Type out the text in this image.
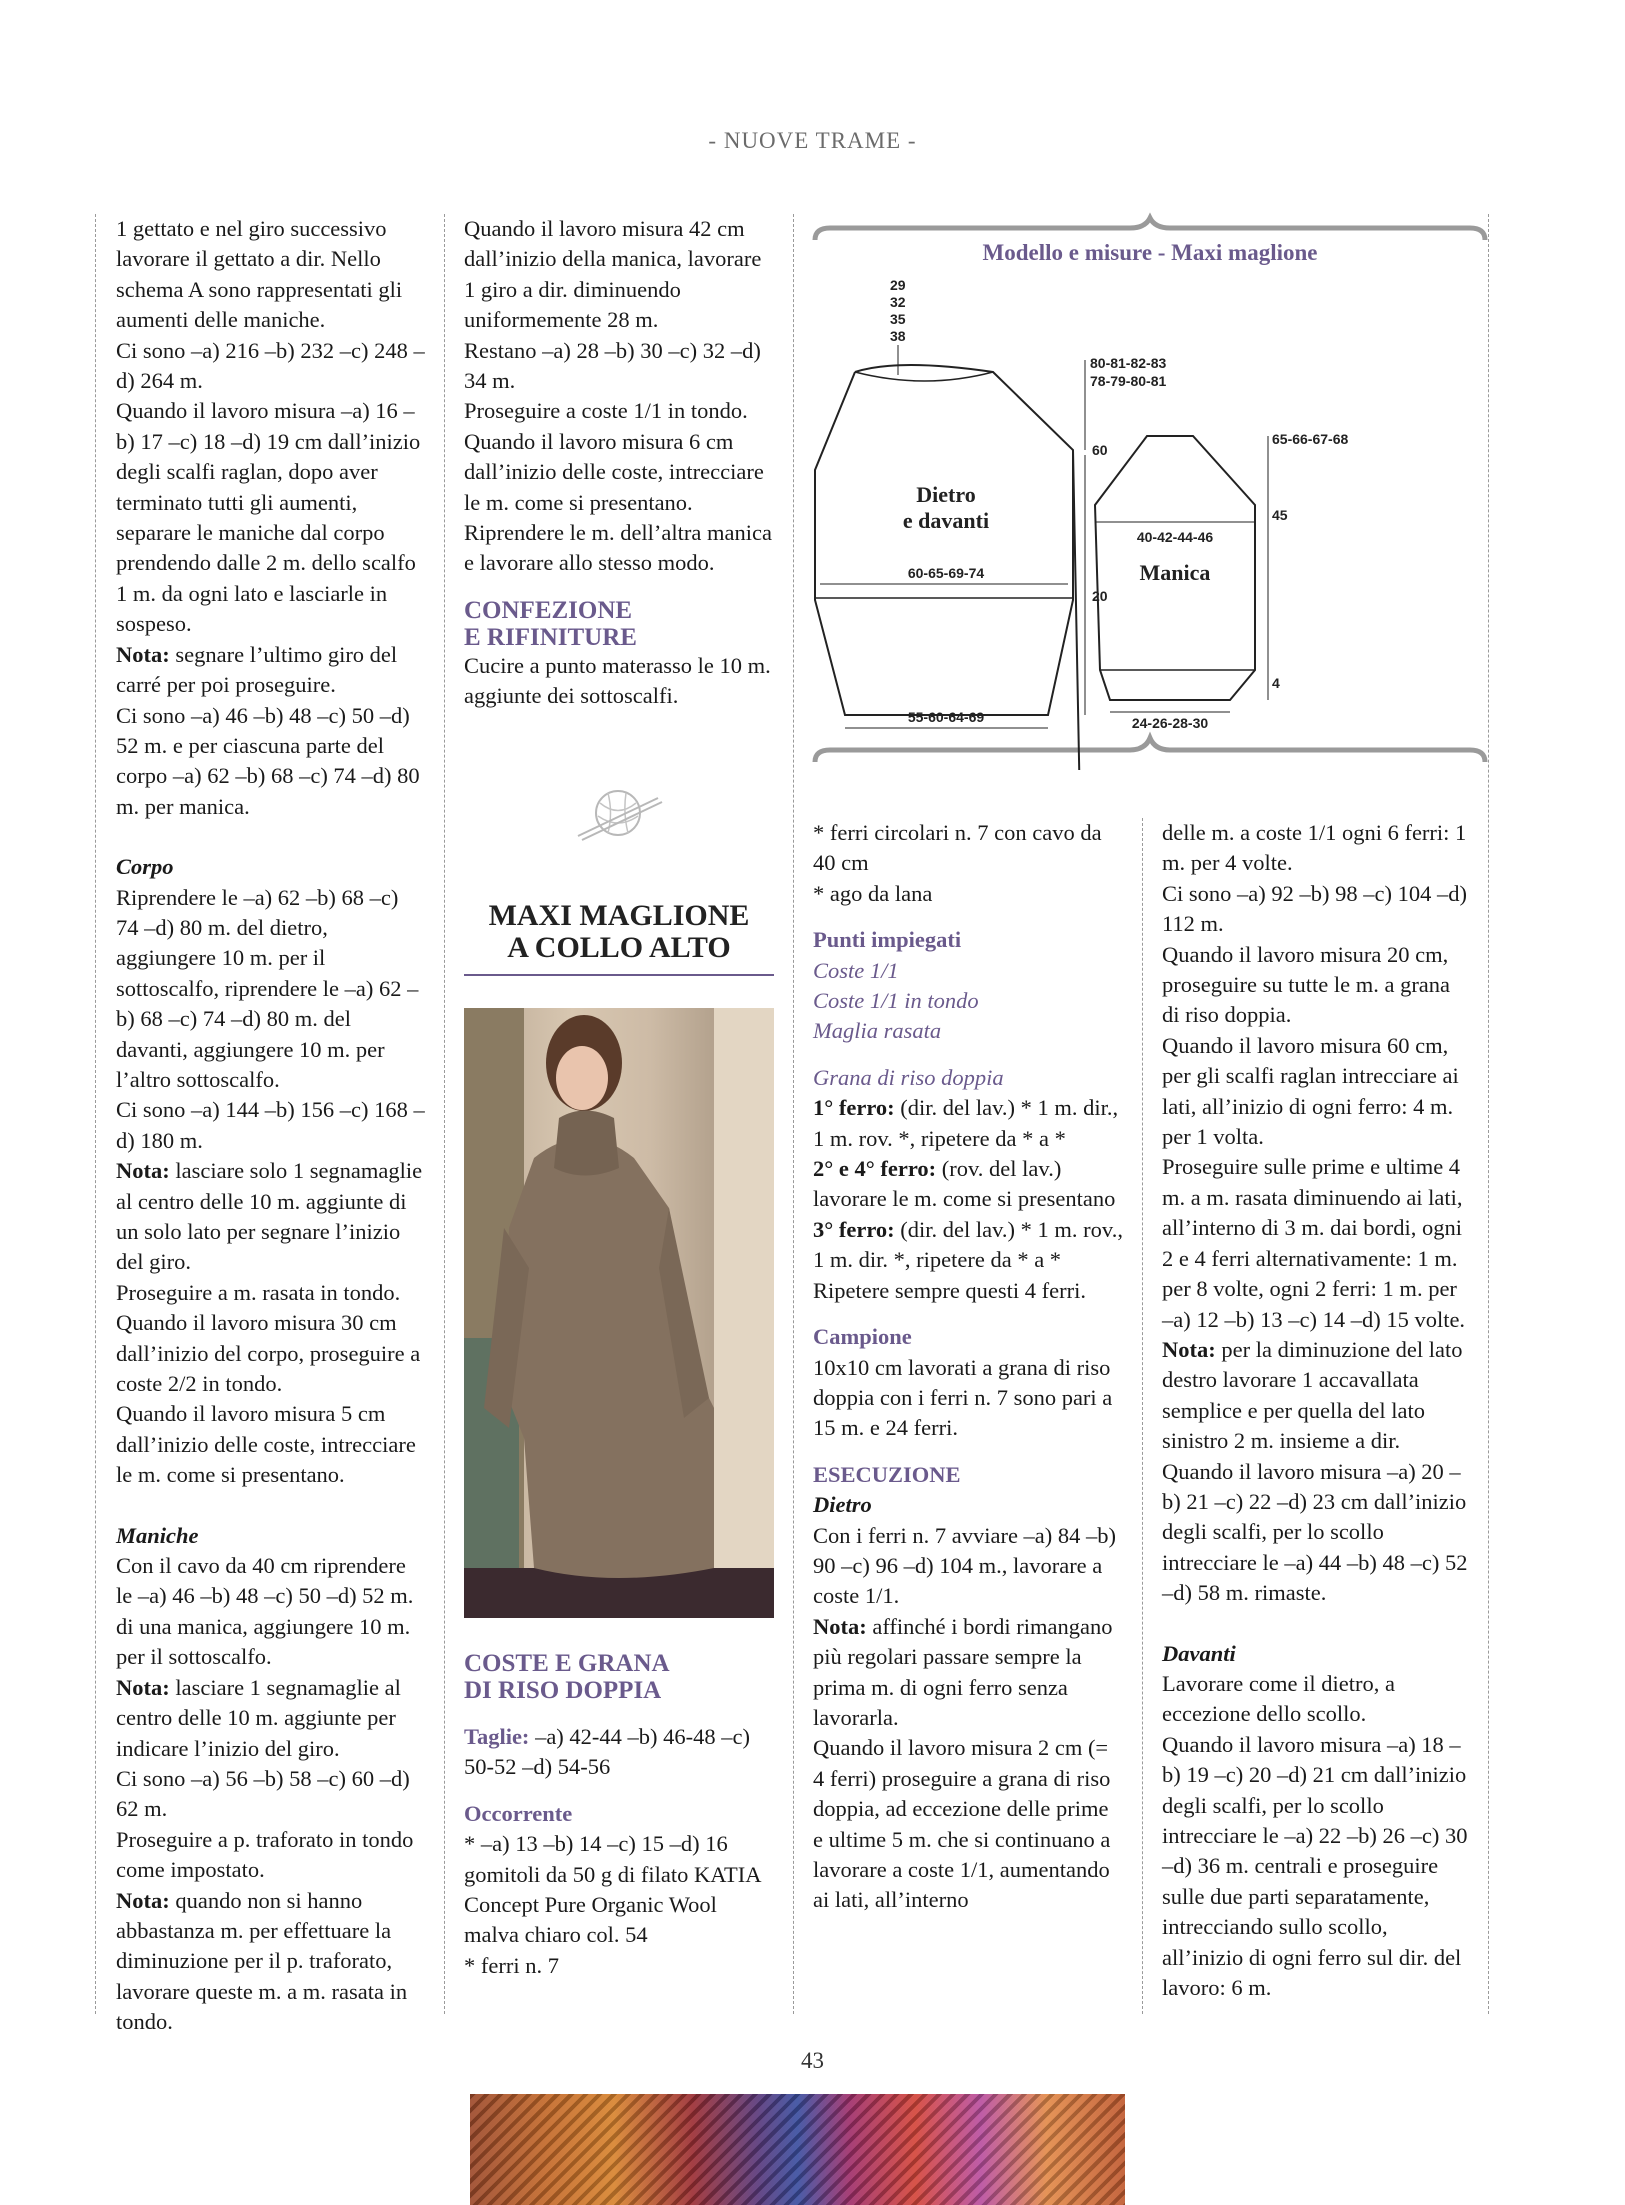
- NUOVE TRAME -

1 gettato e nel giro successivo lavorare il gettato a dir. Nello schema A sono rappresentati gli aumenti delle maniche.

Ci sono –a) 216 –b) 232 –c) 248 –d) 264 m.

Quando il lavoro misura –a) 16 –b) 17 –c) 18 –d) 19 cm dall’inizio degli scalfi raglan, dopo aver terminato tutti gli aumenti, separare le maniche dal corpo prendendo dalle 2 m. dello scalfo 1 m. da ogni lato e lasciarle in sospeso.

Nota: segnare l’ultimo giro del carré per poi proseguire.

Ci sono –a) 46 –b) 48 –c) 50 –d) 52 m. e per ciascuna parte del corpo –a) 62 –b) 68 –c) 74 –d) 80 m. per manica.

Corpo

Riprendere le –a) 62 –b) 68 –c) 74 –d) 80 m. del dietro, aggiungere 10 m. per il sottoscalfo, riprendere le –a) 62 –b) 68 –c) 74 –d) 80 m. del davanti, aggiungere 10 m. per l’altro sottoscalfo.

Ci sono –a) 144 –b) 156 –c) 168 –d) 180 m.

Nota: lasciare solo 1 segnamaglie al centro delle 10 m. aggiunte di un solo lato per segnare l’inizio del giro.

Proseguire a m. rasata in tondo.

Quando il lavoro misura 30 cm dall’inizio del corpo, proseguire a coste 2/2 in tondo.

Quando il lavoro misura 5 cm dall’inizio delle coste, intrecciare le m. come si presentano.

Maniche

Con il cavo da 40 cm riprendere le –a) 46 –b) 48 –c) 50 –d) 52 m. di una manica, aggiungere 10 m. per il sottoscalfo.

Nota: lasciare 1 segnamaglie al centro delle 10 m. aggiunte per indicare l’inizio del giro.

Ci sono –a) 56 –b) 58 –c) 60 –d) 62 m.

Proseguire a p. traforato in tondo come impostato.

Nota: quando non si hanno abbastanza m. per effettuare la diminuzione per il p. traforato, lavorare queste m. a m. rasata in tondo.

Quando il lavoro misura 42 cm dall’inizio della manica, lavorare 1 giro a dir. diminuendo uniformemente 28 m.

Restano –a) 28 –b) 30 –c) 32 –d) 34 m.

Proseguire a coste 1/1 in tondo.

Quando il lavoro misura 6 cm dall’inizio delle coste, intrecciare le m. come si presentano.

Riprendere le m. dell’altra manica e lavorare allo stesso modo.

CONFEZIONE

E RIFINITURE

Cucire a punto materasso le 10 m. aggiunte dei sottoscalfi.

MAXI MAGLIONE
A COLLO ALTO

COSTE E GRANA

DI RISO DOPPIA

Taglie: –a) 42-44 –b) 46-48 –c) 50-52 –d) 54-56

Occorrente

* –a) 13 –b) 14 –c) 15 –d) 16 gomitoli da 50 g di filato KATIA Concept Pure Organic Wool malva chiaro col. 54

* ferri n. 7

* ferri circolari n. 7 con cavo da 40 cm

* ago da lana

Punti impiegati

Coste 1/1

Coste 1/1 in tondo

Maglia rasata

Grana di riso doppia

1° ferro: (dir. del lav.) * 1 m. dir., 1 m. rov. *, ripetere da * a *

2° e 4° ferro: (rov. del lav.) lavorare le m. come si presentano

3° ferro: (dir. del lav.) * 1 m. rov., 1 m. dir. *, ripetere da * a *

Ripetere sempre questi 4 ferri.

Campione

10x10 cm lavorati a grana di riso doppia con i ferri n. 7 sono pari a 15 m. e 24 ferri.

ESECUZIONE

Dietro

Con i ferri n. 7 avviare –a) 84 –b) 90 –c) 96 –d) 104 m., lavorare a coste 1/1.

Nota: affinché i bordi rimangano più regolari passare sempre la prima m. di ogni ferro senza lavorarla.

Quando il lavoro misura 2 cm (= 4 ferri) proseguire a grana di riso doppia, ad eccezione delle prime e ultime 5 m. che si continuano a lavorare a coste 1/1, aumentando ai lati, all’interno

delle m. a coste 1/1 ogni 6 ferri: 1 m. per 4 volte.

Ci sono –a) 92 –b) 98 –c) 104 –d) 112 m.

Quando il lavoro misura 20 cm, proseguire su tutte le m. a grana di riso doppia.

Quando il lavoro misura 60 cm, per gli scalfi raglan intrecciare ai lati, all’inizio di ogni ferro: 4 m. per 1 volta.

Proseguire sulle prime e ultime 4 m. a m. rasata diminuendo ai lati, all’interno di 3 m. dai bordi, ogni 2 e 4 ferri alternativamente: 1 m. per 8 volte, ogni 2 ferri: 1 m. per –a) 12 –b) 13 –c) 14 –d) 15 volte.

Nota: per la diminuzione del lato destro lavorare 1 accavallata semplice e per quella del lato sinistro 2 m. insieme a dir.

Quando il lavoro misura –a) 20 –b) 21 –c) 22 –d) 23 cm dall’inizio degli scalfi, per lo scollo intrecciare le –a) 44 –b) 48 –c) 52 –d) 58 m. rimaste.

Davanti

Lavorare come il dietro, a eccezione dello scollo.

Quando il lavoro misura –a) 18 –b) 19 –c) 20 –d) 21 cm dall’inizio degli scalfi, per lo scollo intrecciare le –a) 22 –b) 26 –c) 30 –d) 36 m. centrali e proseguire sulle due parti separatamente, intrecciando sullo scollo, all’inizio di ogni ferro sul dir. del lavoro: 6 m.

Modello e misure - Maxi maglione
29
32
35
38
Dietro
e davanti
60-65-69-74
55-60-64-69
80-81-82-83
78-79-80-81
60
20
65-66-67-68
45
40-42-44-46
Manica
4
24-26-28-30
43
